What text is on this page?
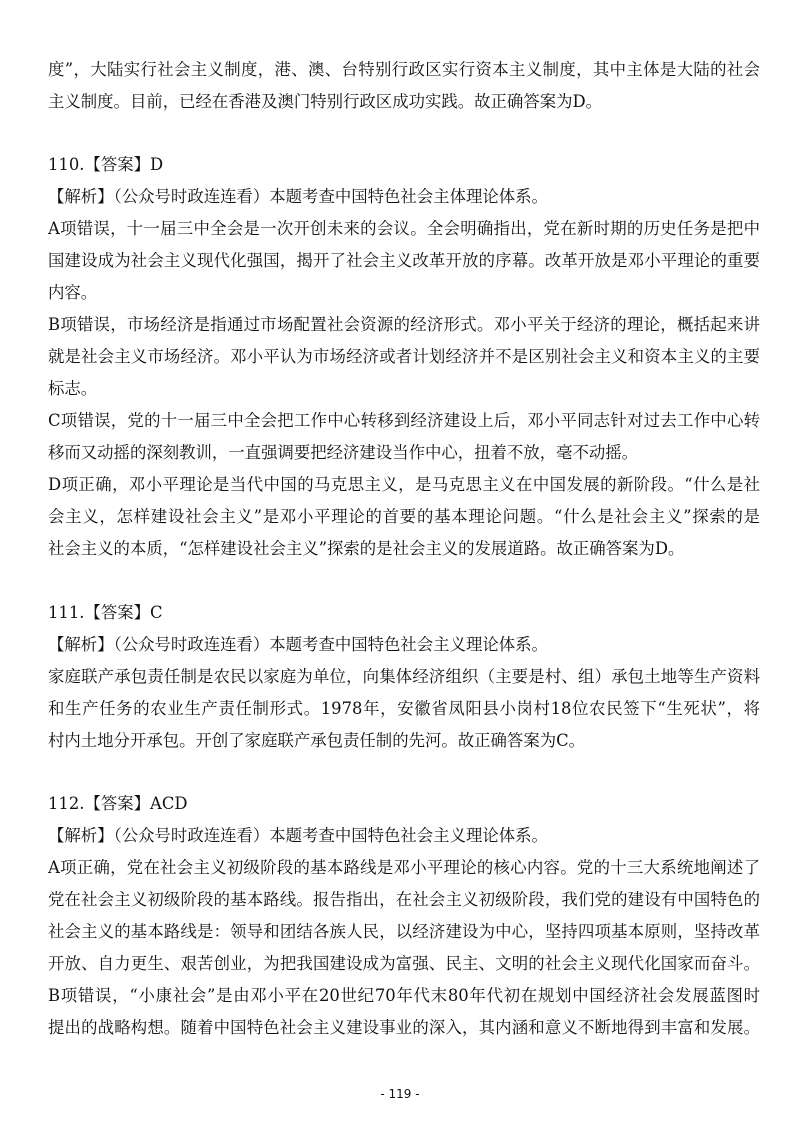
度”，大陆实行社会主义制度，港、澳、台特别行政区实行资本主义制度，其中主体是大陆的社会
主义制度。目前，已经在香港及澳门特别行政区成功实践。故正确答案为D。
110.【答案】D
【解析】（公众号时政连连看）本题考查中国特色社会主体理论体系。
A项错误，十一届三中全会是一次开创未来的会议。全会明确指出，党在新时期的历史任务是把中
国建设成为社会主义现代化强国，揭开了社会主义改革开放的序幕。改革开放是邓小平理论的重要
内容。
B项错误，市场经济是指通过市场配置社会资源的经济形式。邓小平关于经济的理论，概括起来讲
就是社会主义市场经济。邓小平认为市场经济或者计划经济并不是区别社会主义和资本主义的主要
标志。
C项错误，党的十一届三中全会把工作中心转移到经济建设上后，邓小平同志针对过去工作中心转
移而又动摇的深刻教训，一直强调要把经济建设当作中心，扭着不放，毫不动摇。
D项正确，邓小平理论是当代中国的马克思主义，是马克思主义在中国发展的新阶段。“什么是社
会主义，怎样建设社会主义”是邓小平理论的首要的基本理论问题。“什么是社会主义”探索的是
社会主义的本质，“怎样建设社会主义”探索的是社会主义的发展道路。故正确答案为D。
111.【答案】C
【解析】（公众号时政连连看）本题考查中国特色社会主义理论体系。
家庭联产承包责任制是农民以家庭为单位，向集体经济组织（主要是村、组）承包土地等生产资料
和生产任务的农业生产责任制形式。1978年，安徽省凤阳县小岗村18位农民签下“生死状”，将
村内土地分开承包。开创了家庭联产承包责任制的先河。故正确答案为C。
112.【答案】ACD
【解析】（公众号时政连连看）本题考查中国特色社会主义理论体系。
A项正确，党在社会主义初级阶段的基本路线是邓小平理论的核心内容。党的十三大系统地阐述了
党在社会主义初级阶段的基本路线。报告指出，在社会主义初级阶段，我们党的建设有中国特色的
社会主义的基本路线是：领导和团结各族人民，以经济建设为中心，坚持四项基本原则，坚持改革
开放、自力更生、艰苦创业，为把我国建设成为富强、民主、文明的社会主义现代化国家而奋斗。
B项错误，“小康社会”是由邓小平在20世纪70年代末80年代初在规划中国经济社会发展蓝图时
提出的战略构想。随着中国特色社会主义建设事业的深入，其内涵和意义不断地得到丰富和发展。
- 119 -
